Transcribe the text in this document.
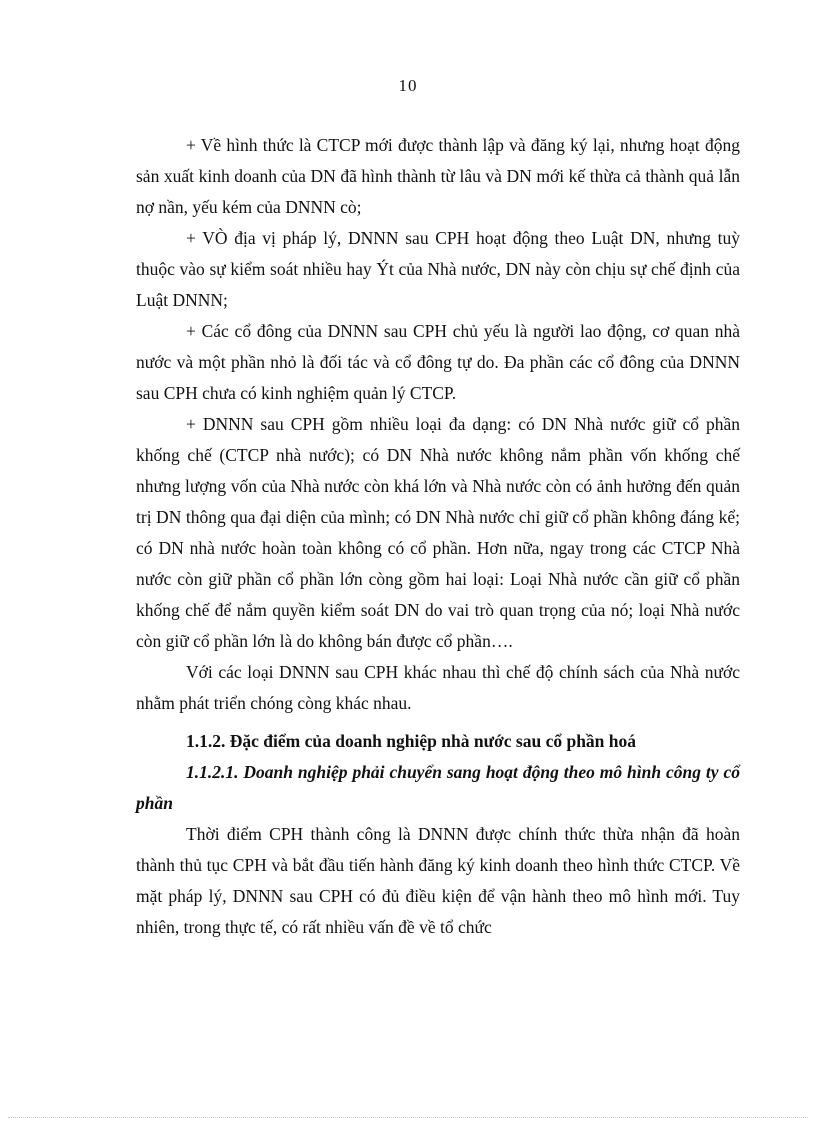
10

+ Về hình thức là CTCP mới được thành lập và đăng ký lại, nhưng hoạt động sản xuất kinh doanh của DN đã hình thành từ lâu và DN mới kế thừa cả thành quả lẫn nợ nần, yếu kém của DNNN cò;

+ VÒ địa vị pháp lý, DNNN sau CPH hoạt động theo Luật DN, nhưng tuỳ thuộc vào sự kiểm soát nhiều hay Ýt của Nhà nước, DN này còn chịu sự chế định của Luật DNNN;

+ Các cổ đông của DNNN sau CPH chủ yếu là người lao động, cơ quan nhà nước và một phần nhỏ là đối tác và cổ đông tự do. Đa phần các cổ đông của DNNN sau CPH chưa có kinh nghiệm quản lý CTCP.

+ DNNN sau CPH gồm nhiều loại đa dạng: có DN Nhà nước giữ cổ phần khống chế (CTCP nhà nước); có DN Nhà nước không nắm phần vốn khống chế nhưng lượng vốn của Nhà nước còn khá lớn và Nhà nước còn có ảnh hưởng đến quản trị DN thông qua đại diện của mình; có DN Nhà nước chỉ giữ cổ phần không đáng kể; có DN nhà nước hoàn toàn không có cổ phần. Hơn nữa, ngay trong các CTCP Nhà nước còn giữ phần cổ phần lớn còng gồm hai loại: Loại Nhà nước cần giữ cổ phần khống chế để nắm quyền kiểm soát DN do vai trò quan trọng của nó; loại Nhà nước còn giữ cổ phần lớn là do không bán được cổ phần….

Với các loại DNNN sau CPH khác nhau thì chế độ chính sách của Nhà nước nhằm phát triển chóng còng khác nhau.

1.1.2. Đặc điểm của doanh nghiệp nhà nước sau cổ phần hoá

1.1.2.1. Doanh nghiệp phải chuyển sang hoạt động theo mô hình công ty cổ phần

Thời điểm CPH thành công là DNNN được chính thức thừa nhận đã hoàn thành thủ tục CPH và bắt đầu tiến hành đăng ký kinh doanh theo hình thức CTCP. Về mặt pháp lý, DNNN sau CPH có đủ điều kiện để vận hành theo mô hình mới. Tuy nhiên, trong thực tế, có rất nhiều vấn đề về tổ chức
